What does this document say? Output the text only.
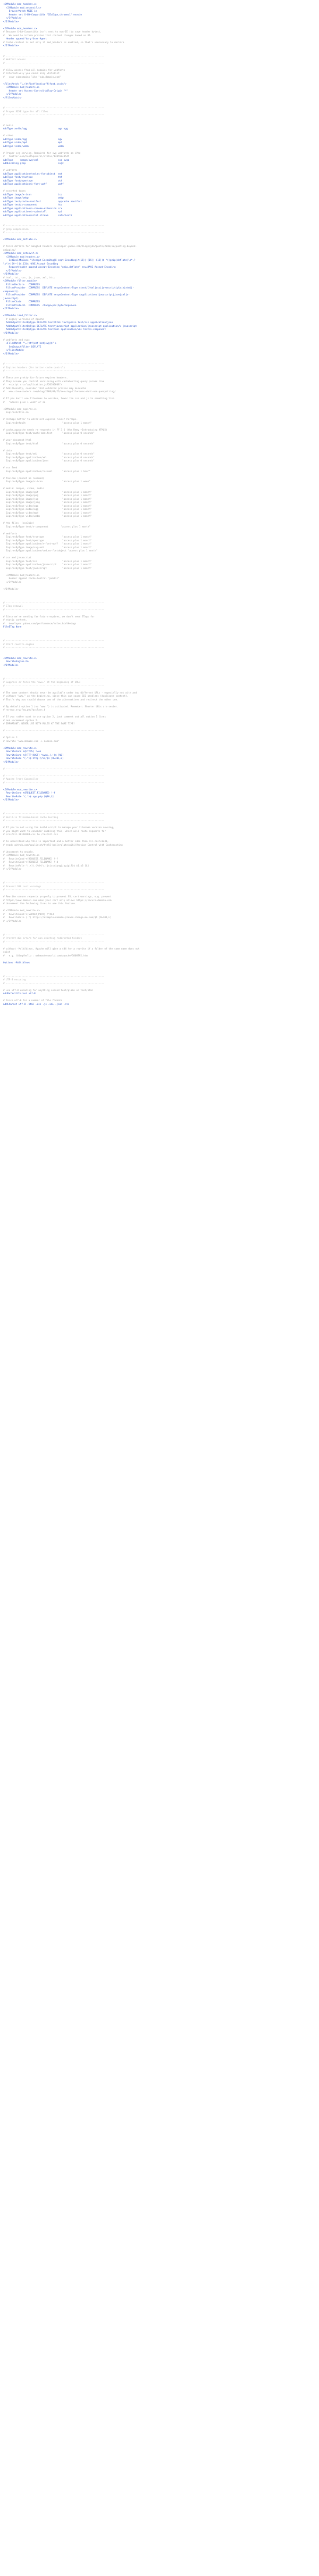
<IfModule mod_headers.c>
<IfModule mod_setenvif.c>
BrowserMatch MSIE ie
Header set X-UA-Compatible "IE=Edge,chrome=1" env=ie
</IfModule>
</IfModule>
<IfModule mod_headers.c>
# Because X-UA-Compatible isn't sent to non-IE (to save header bytes),
#   We need to inform proxies that content changes based on UA
Header append Vary User-Agent
# Cache control is set only if mod_headers is enabled, so that's unncessary to declare
</IfModule>
# ----------------------------------------------------------------------
# Webfont access
# ----------------------------------------------------------------------
# allow access from all domains for webfonts
# alternatively you could only whitelist
#   your subdomains like "sub.domain.com"
<FilesMatch "\.(ttf|otf|eot|woff|font.css)$">
<IfModule mod_headers.c>
Header set Access-Control-Allow-Origin "*"
</IfModule>
</FilesMatch>
# ----------------------------------------------------------------------
# Proper MIME type for all files
# ----------------------------------------------------------------------
# audio
AddType audio/ogg                      oga ogg
# video
AddType video/ogg                      ogv
AddType video/mp4                      mp4
AddType video/webm                     webm
# Proper svg serving. Required for svg webfonts on iPad
#   twitter.com/FontSquirrel/status/14855840545
AddType     image/svg+xml              svg svgz
AddEncoding gzip                       svgz
# webfonts
AddType application/vnd.ms-fontobject  eot
AddType font/truetype                  ttf
AddType font/opentype                  otf
AddType application/x-font-woff        woff
# assorted types
AddType image/x-icon                   ico
AddType image/webp                     webp
AddType text/cache-manifest            appcache manifest
AddType text/x-component               htc
AddType application/x-chrome-extension crx
AddType application/x-xpinstall        xpi
AddType application/octet-stream       safariextz
# ----------------------------------------------------------------------
# gzip compression
# ----------------------------------------------------------------------
<IfModule mod_deflate.c>
# force deflate for mangled headers developer.yahoo.com/blogs/ydn/posts/2010/12/pushing-beyond-
gzipping/
<IfModule mod_setenvif.c>
<IfModule mod_headers.c>
SetEnvIfNoCase ^(Accept-EncodXng|X-cept-Encoding|X{15}|~{15}|-{15})$ ^((gzip|deflate)\s*,?
\s*)+|[X~-]{4,13}$ HAVE_Accept-Encoding
RequestHeader append Accept-Encoding "gzip,deflate" env=HAVE_Accept-Encoding
</IfModule>
</IfModule>
# html, txt, css, js, json, xml, htc:
<IfModule filter_module>
FilterDeclare   COMPRESS
FilterProvider  COMPRESS  DEFLATE resp=Content-Type $text/(html|css|javascript|plain|x(ml|-
component))
FilterProvider  COMPRESS  DEFLATE resp=Content-Type $application/(javascript|json|xml|x-
javascript)
FilterChain     COMPRESS
FilterProtocol  COMPRESS  change=yes;byteranges=no
</IfModule>
<IfModule !mod_filter.c>
# Legacy versions of Apache
AddOutputFilterByType DEFLATE text/html text/plain text/css application/json
AddOutputFilterByType DEFLATE text/javascript application/javascript application/x-javascript
AddOutputFilterByType DEFLATE text/xml application/xml text/x-component
</IfModule>
# webfonts and svg:
<FilesMatch "\.(ttf|otf|eot|svg)$" >
SetOutputFilter DEFLATE
</FilesMatch>
</IfModule>
# ----------------------------------------------------------------------
# Expires headers (for better cache control)
# ----------------------------------------------------------------------
# These are pretty far-future expires headers.
# They assume you control versioning with cachebusting query params like
#   <script src="application.js?20100608">
# Additionally, consider that outdated proxies may miscache
#   www.stevesouders.com/blog/2008/08/23/revving-filenames-dont-use-querystring/
# If you don't use filenames to version, lower the css and js to something like
#   "access plus 1 week" or so.
<IfModule mod_expires.c>
ExpiresActive on
# Perhaps better to whitelist expires rules? Perhaps.
ExpiresDefault                          "access plus 1 month"
# cache.appcache needs re-requests in FF 3.6 (thx Remy ~Introducing HTML5)
ExpiresByType text/cache-manifest       "access plus 0 seconds"
# your document html
ExpiresByType text/html                 "access plus 0 seconds"
# data
ExpiresByType text/xml                  "access plus 0 seconds"
ExpiresByType application/xml           "access plus 0 seconds"
ExpiresByType application/json          "access plus 0 seconds"
# rss feed
ExpiresByType application/rss+xml       "access plus 1 hour"
# favicon (cannot be renamed)
ExpiresByType image/x-icon              "access plus 1 week"
# media: images, video, audio
ExpiresByType image/gif                 "access plus 1 month"
ExpiresByType image/png                 "access plus 1 month"
ExpiresByType image/jpg                 "access plus 1 month"
ExpiresByType image/jpeg                "access plus 1 month"
ExpiresByType video/ogg                 "access plus 1 month"
ExpiresByType audio/ogg                 "access plus 1 month"
ExpiresByType video/mp4                 "access plus 1 month"
ExpiresByType video/webm                "access plus 1 month"
# htc files  (css3pie)
ExpiresByType text/x-component         "access plus 1 month"
# webfonts
ExpiresByType font/truetype             "access plus 1 month"
ExpiresByType font/opentype             "access plus 1 month"
ExpiresByType application/x-font-woff   "access plus 1 month"
ExpiresByType image/svg+xml             "access plus 1 month"
ExpiresByType application/vnd.ms-fontobject "access plus 1 month"
# css and javascript
ExpiresByType text/css                  "access plus 1 month"
ExpiresByType application/javascript    "access plus 1 month"
ExpiresByType text/javascript           "access plus 1 month"
<IfModule mod_headers.c>
Header append Cache-Control "public"
</IfModule>
</IfModule>
# ----------------------------------------------------------------------
# ETag removal
# ----------------------------------------------------------------------
# Since we're sending far-future expires, we don't need ETags for
# static content.
#   developer.yahoo.com/performance/rules.html#etags
FileETag None
# ----------------------------------------------------------------------
# Start rewrite engine
# ----------------------------------------------------------------------
<IfModule mod_rewrite.c>
RewriteEngine On
</IfModule>
# ----------------------------------------------------------------------
# Suppress or force the "www." at the beginning of URLs
# ----------------------------------------------------------------------
# The same content should never be available under two different URLs - especially not with and
# without "www." at the beginning, since this can cause SEO problems (duplicate content).
# That's why you should choose one of the alternatives and redirect the other one.
# By default option 1 (no "www.") is activated. Remember: Shorter URLs are sexier.
# no-www.org/faq.php?q=class_b
# If you rather want to use option 2, just comment out all option 1 lines
# and uncomment option 2.
# IMPORTANT: NEVER USE BOTH RULES AT THE SAME TIME!
# ----------------------------------------------------------------------
# Option 1:
# Rewrite "www.domain.com -> domain.com"
<IfModule mod_rewrite.c>
RewriteCond %{HTTPS} !=on
RewriteCond %{HTTP_HOST} ^www\.(.+)$ [NC]
RewriteRule ^(.*)$ http://%1/$1 [R=301,L]
</IfModule>
# ----------------------------------------------------------------------
# ----------------------------------------------------------------------
# Apache Front Controller
# ----------------------------------------------------------------------
<IfModule mod_rewrite.c>
RewriteCond %{REQUEST_FILENAME} !-f
RewriteRule ^(.*)$ app.php [QSA,L]
</IfModule>
# ----------------------------------------------------------------------
# Built-in filename-based cache busting
# ----------------------------------------------------------------------
# If you're not using the build script to manage your filename version revving,
# you might want to consider enabling this, which will route requests for
# /css/all.20110203.css to /res/all.css
# To understand why this is important and a better idea than all.css?v1231,
# read: github.com/paulirish/html5-boilerplate/wiki/Version-Control-with-Cachebusting
# Uncomment to enable.
# <IfModule mod_rewrite.c>
#   RewriteCond %{REQUEST_FILENAME} !-f
#   RewriteCond %{REQUEST_FILENAME} !-d
#   RewriteRule ^(.+)\.(\d+)\.(js|css|png|jpg|gif)$ $1.$3 [L]
# </IfModule>
# ----------------------------------------------------------------------
# Prevent SSL cert warnings
# ----------------------------------------------------------------------
# Rewrite secure requests properly to prevent SSL cert warnings, e.g. prevent
# https://www.domain.com when your cert only allows https://secure.domain.com
# Uncomment the following lines to use this feature.
# <IfModule mod_rewrite.c>
#   RewriteCond %{SERVER_PORT} !^443
#   RewriteRule (.*) https://example-domain-please-change-me.com/$1 [R=301,L]
# </IfModule>
# ----------------------------------------------------------------------
# Prevent 404 errors for non-existing redirected folders
# ----------------------------------------------------------------------
# without -MultiViews, Apache will give a 404 for a rewrite if a folder of the same name does not
exist
#   e.g. /blog/hello : webmasterworld.com/apache/3808792.htm
Options -MultiViews
# ----------------------------------------------------------------------
# UTF-8 encoding
# ----------------------------------------------------------------------
# use utf-8 encoding for anything served text/plain or text/html
AddDefaultCharset utf-8
# force utf-8 for a number of file formats
AddCharset utf-8 .html .css .js .xml .json .rss
